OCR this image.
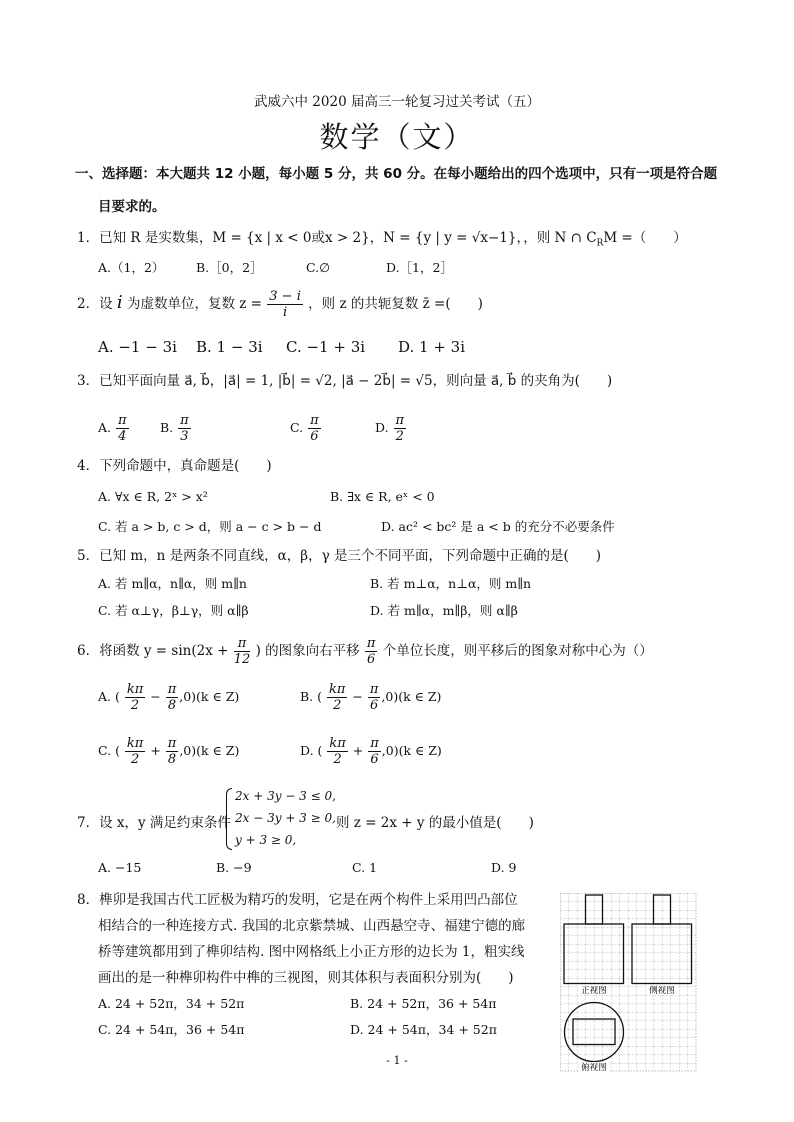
武威六中 2020 届高三一轮复习过关考试（五）
数学（文）
一、选择题：本大题共 12 小题，每小题 5 分，共 60 分。在每小题给出的四个选项中，只有一项是符合题
目要求的。
1．已知 R 是实数集，M = {x | x < 0或x > 2}，N = {y | y = √x−1}，，则 N ∩ $C_RM$ =（　　）
A.（1，2）	B.［0，2］	C.∅	D.［1，2］
2．设 i 为虚数单位，复数 $z = \frac{3 - i}{i}$ ，则 z 的共轭复数 z̄ =(　　)
A. −1 − 3i B. 1 − 3i C. −1 + 3i D. 1 + 3i
3．已知平面向量 a⃗, b⃗，|a⃗| = 1, |b⃗| = √2, |a⃗ − 2b⃗| = √5，则向量 a⃗, b⃗ 的夹角为(　　)
A. $\frac{\pi}{4}$	B. $\frac{\pi}{3}$	C. $\frac{\pi}{6}$	D. $\frac{\pi}{2}$
4．下列命题中，真命题是(　　)
A. ∀x ∈ R, 2ˣ > x²	B. ∃x ∈ R, eˣ < 0
C. 若 a > b, c > d，则 a − c > b − d	D. ac² < bc² 是 a < b 的充分不必要条件
5．已知 m，n 是两条不同直线，α，β，γ 是三个不同平面，下列命题中正确的是(　　)
A. 若 m∥α，n∥α，则 m∥n	B. 若 m⊥α，n⊥α，则 m∥n
C. 若 α⊥γ，β⊥γ，则 α∥β	D. 若 m∥α，m∥β，则 α∥β
6．将函数 $y = \sin(2x + \frac{\pi}{12}$ ) 的图象向右平移 $\frac{\pi}{6}$ 个单位长度，则平移后的图象对称中心为（）
A. ( $\frac{k\pi}{2} - \frac{\pi}{8} ,0)(k$ ∈ Z)	B. ( $\frac{k\pi}{2} - \frac{\pi}{6} ,0)(k$ ∈ Z)
C. ( $\frac{k\pi}{2} + \frac{\pi}{8} ,0)(k$ ∈ Z)	D. ( $\frac{k\pi}{2} + \frac{\pi}{6} ,0)(k$ ∈ Z)
7．设 x，y 满足约束条件
2x + 3y − 3 ≤ 0,
2x − 3y + 3 ≥ 0,
y + 3 ≥ 0,
则 z = 2x + y 的最小值是(　　)
A. −15	B. −9	C. 1	D. 9
8．榫卯是我国古代工匠极为精巧的发明，它是在两个构件上采用凹凸部位
相结合的一种连接方式. 我国的北京紫禁城、山西悬空寺、福建宁德的廊
桥等建筑都用到了榫卯结构. 图中网格纸上小正方形的边长为 1，粗实线
画出的是一种榫卯构件中榫的三视图，则其体积与表面积分别为(　　)
A. 24 + 52π，34 + 52π	B. 24 + 52π，36 + 54π
C. 24 + 54π，36 + 54π	D. 24 + 54π，34 + 52π
正视图	侧视图
俯视图
- 1 -
